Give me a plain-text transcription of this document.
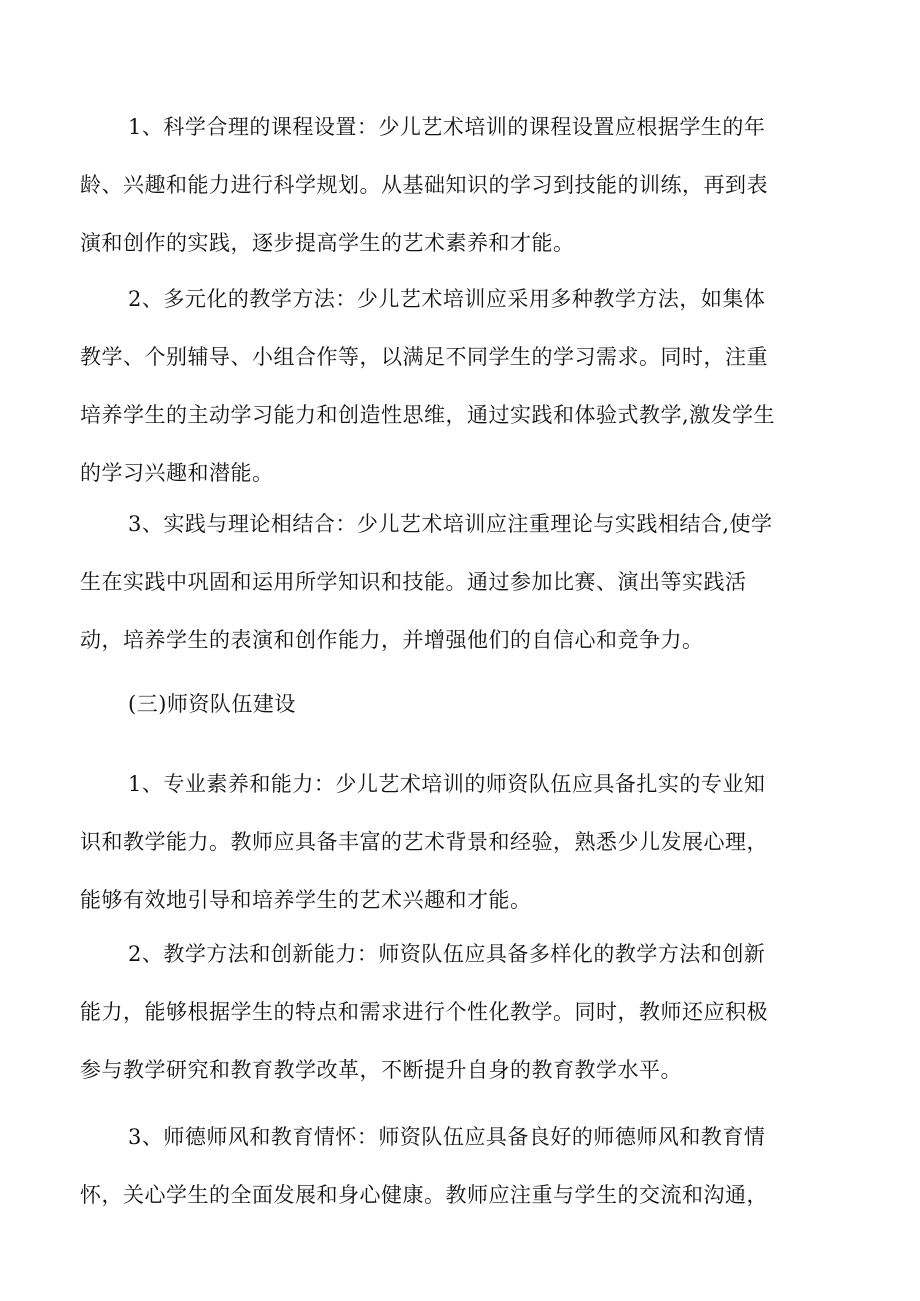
1、科学合理的课程设置：少儿艺术培训的课程设置应根据学生的年
龄、兴趣和能力进行科学规划。从基础知识的学习到技能的训练，再到表
演和创作的实践，逐步提高学生的艺术素养和才能。
2、多元化的教学方法：少儿艺术培训应采用多种教学方法，如集体
教学、个别辅导、小组合作等，以满足不同学生的学习需求。同时，注重
培养学生的主动学习能力和创造性思维，通过实践和体验式教学,激发学生
的学习兴趣和潜能。
3、实践与理论相结合：少儿艺术培训应注重理论与实践相结合,使学
生在实践中巩固和运用所学知识和技能。通过参加比赛、演出等实践活
动，培养学生的表演和创作能力，并增强他们的自信心和竞争力。
(三)师资队伍建设
1、专业素养和能力：少儿艺术培训的师资队伍应具备扎实的专业知
识和教学能力。教师应具备丰富的艺术背景和经验，熟悉少儿发展心理，
能够有效地引导和培养学生的艺术兴趣和才能。
2、教学方法和创新能力：师资队伍应具备多样化的教学方法和创新
能力，能够根据学生的特点和需求进行个性化教学。同时，教师还应积极
参与教学研究和教育教学改革，不断提升自身的教育教学水平。
3、师德师风和教育情怀：师资队伍应具备良好的师德师风和教育情
怀，关心学生的全面发展和身心健康。教师应注重与学生的交流和沟通，
